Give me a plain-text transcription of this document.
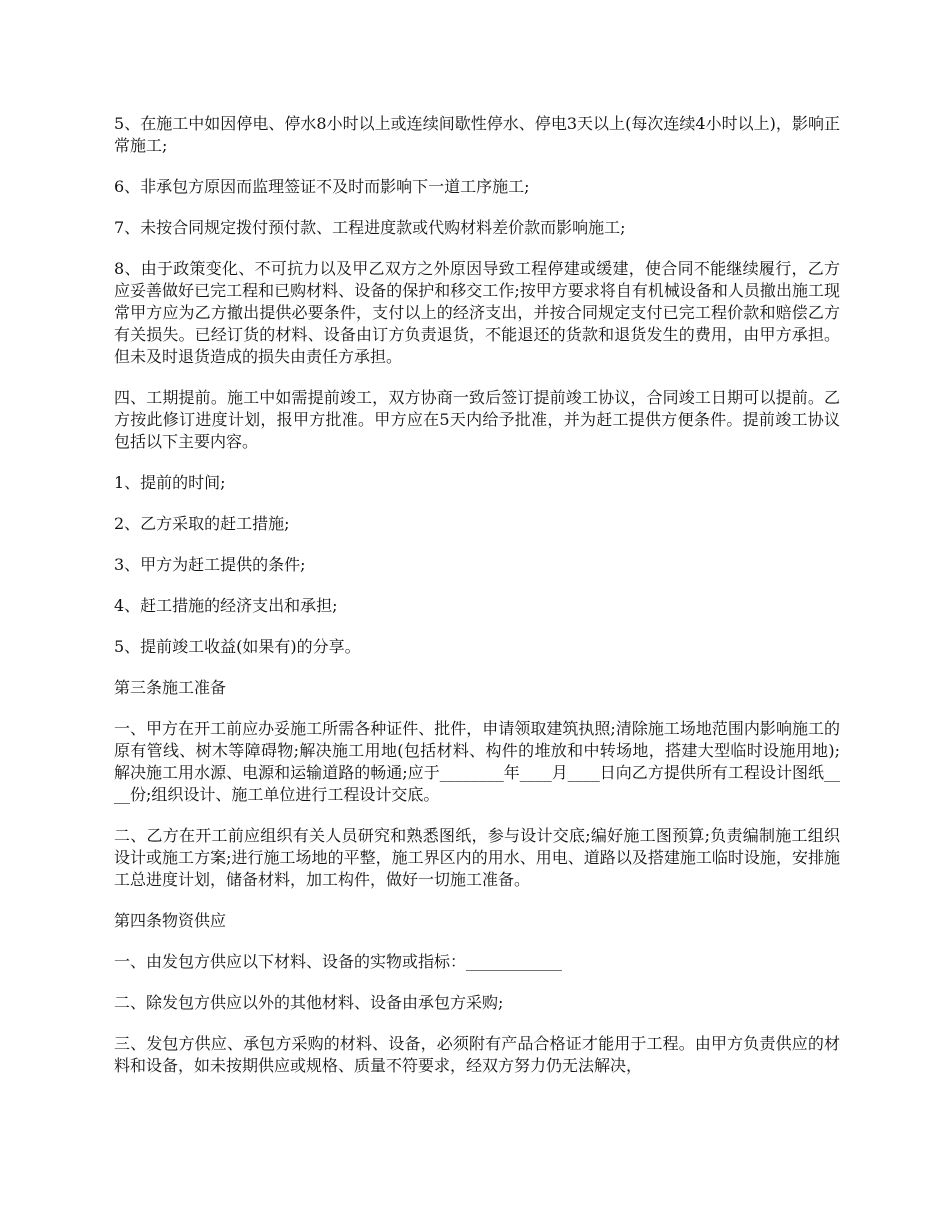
5、在施工中如因停电、停水8小时以上或连续间歇性停水、停电3天以上(每次连续4小时以上)，影响正常施工;

6、非承包方原因而监理签证不及时而影响下一道工序施工;

7、未按合同规定拨付预付款、工程进度款或代购材料差价款而影响施工;

8、由于政策变化、不可抗力以及甲乙双方之外原因导致工程停建或缓建，使合同不能继续履行，乙方应妥善做好已完工程和已购材料、设备的保护和移交工作;按甲方要求将自有机械设备和人员撤出施工现常甲方应为乙方撤出提供必要条件，支付以上的经济支出，并按合同规定支付已完工程价款和赔偿乙方有关损失。已经订货的材料、设备由订方负责退货，不能退还的货款和退货发生的费用，由甲方承担。但未及时退货造成的损失由责任方承担。

四、工期提前。施工中如需提前竣工，双方协商一致后签订提前竣工协议，合同竣工日期可以提前。乙方按此修订进度计划，报甲方批准。甲方应在5天内给予批准，并为赶工提供方便条件。提前竣工协议包括以下主要内容。

1、提前的时间;

2、乙方采取的赶工措施;

3、甲方为赶工提供的条件;

4、赶工措施的经济支出和承担;

5、提前竣工收益(如果有)的分享。

第三条施工准备

一、甲方在开工前应办妥施工所需各种证件、批件，申请领取建筑执照;清除施工场地范围内影响施工的原有管线、树木等障碍物;解决施工用地(包括材料、构件的堆放和中转场地，搭建大型临时设施用地);解决施工用水源、电源和运输道路的畅通;应于________年____月____日向乙方提供所有工程设计图纸____份;组织设计、施工单位进行工程设计交底。

二、乙方在开工前应组织有关人员研究和熟悉图纸，参与设计交底;编好施工图预算;负责编制施工组织设计或施工方案;进行施工场地的平整，施工界区内的用水、用电、道路以及搭建施工临时设施，安排施工总进度计划，储备材料，加工构件，做好一切施工准备。

第四条物资供应

一、由发包方供应以下材料、设备的实物或指标：____________

二、除发包方供应以外的其他材料、设备由承包方采购;

三、发包方供应、承包方采购的材料、设备，必须附有产品合格证才能用于工程。由甲方负责供应的材料和设备，如未按期供应或规格、质量不符要求，经双方努力仍无法解决，
